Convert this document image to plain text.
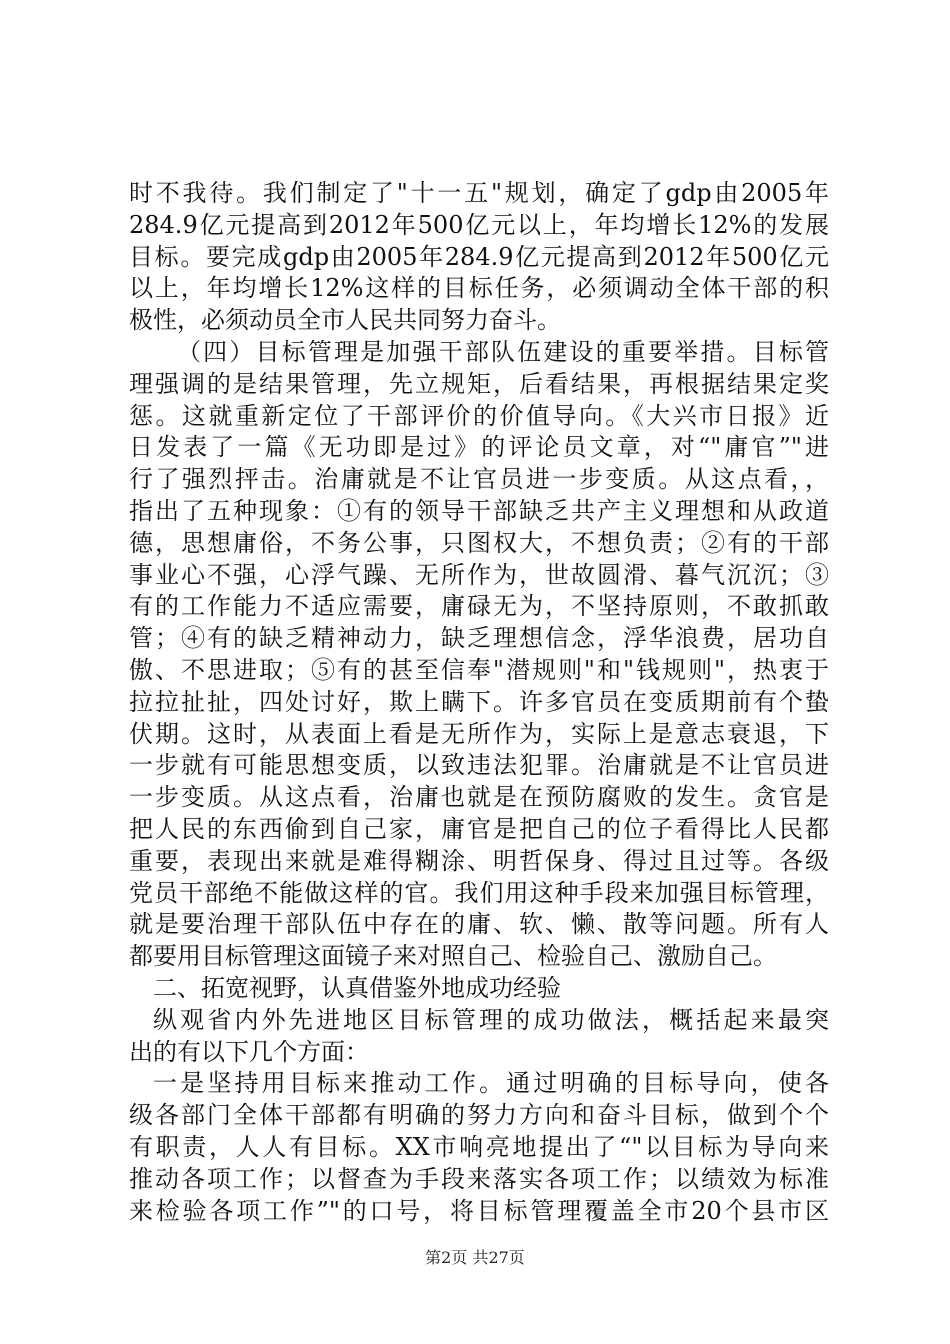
时不我待。我们制定了"十一五"规划，确定了gdp由2005年
284.9亿元提高到2012年500亿元以上，年均增长12%的发展
目标。要完成gdp由2005年284.9亿元提高到2012年500亿元
以上，年均增长12%这样的目标任务，必须调动全体干部的积
极性，必须动员全市人民共同努力奋斗。
（四）目标管理是加强干部队伍建设的重要举措。目标管
理强调的是结果管理，先立规矩，后看结果，再根据结果定奖
惩。这就重新定位了干部评价的价值导向。《大兴市日报》近
日发表了一篇《无功即是过》的评论员文章，对“"庸官”"进
行了强烈抨击。治庸就是不让官员进一步变质。从这点看，，
指出了五种现象：①有的领导干部缺乏共产主义理想和从政道
德，思想庸俗，不务公事，只图权大，不想负责；②有的干部
事业心不强，心浮气躁、无所作为，世故圆滑、暮气沉沉；③
有的工作能力不适应需要，庸碌无为，不坚持原则，不敢抓敢
管；④有的缺乏精神动力，缺乏理想信念，浮华浪费，居功自
傲、不思进取；⑤有的甚至信奉"潜规则"和"钱规则"，热衷于
拉拉扯扯，四处讨好，欺上瞒下。许多官员在变质期前有个蛰
伏期。这时，从表面上看是无所作为，实际上是意志衰退，下
一步就有可能思想变质，以致违法犯罪。治庸就是不让官员进
一步变质。从这点看，治庸也就是在预防腐败的发生。贪官是
把人民的东西偷到自己家，庸官是把自己的位子看得比人民都
重要，表现出来就是难得糊涂、明哲保身、得过且过等。各级
党员干部绝不能做这样的官。我们用这种手段来加强目标管理，
就是要治理干部队伍中存在的庸、软、懒、散等问题。所有人
都要用目标管理这面镜子来对照自己、检验自己、激励自己。
二、拓宽视野，认真借鉴外地成功经验
纵观省内外先进地区目标管理的成功做法，概括起来最突
出的有以下几个方面：
一是坚持用目标来推动工作。通过明确的目标导向，使各
级各部门全体干部都有明确的努力方向和奋斗目标，做到个个
有职责，人人有目标。XX市响亮地提出了“"以目标为导向来
推动各项工作；以督查为手段来落实各项工作；以绩效为标准
来检验各项工作”"的口号，将目标管理覆盖全市20个县市区
第2页 共27页
